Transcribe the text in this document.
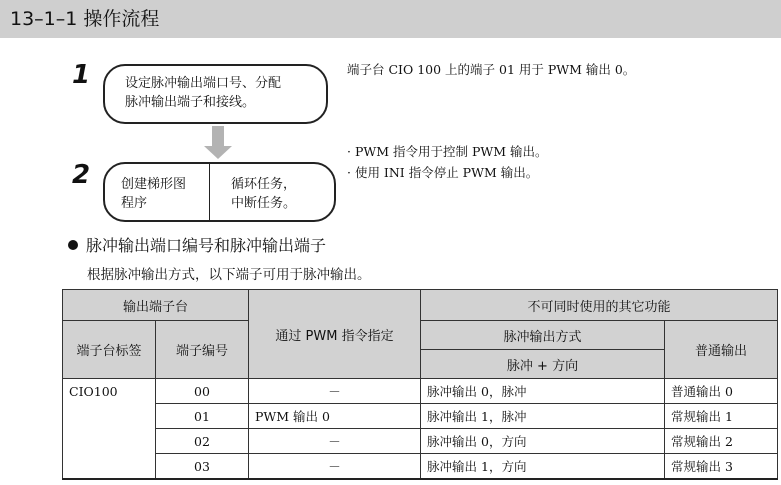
13–1–1 操作流程
1	设定脉冲输出端口号、分配
脉冲输出端子和接线。
端子台 CIO 100 上的端子 01 用于 PWM 输出 0。
2 创建梯形图
程序
循环任务，
中断任务。
· PWM 指令用于控制 PWM 输出。
· 使用 INI 指令停止 PWM 输出。
脉冲输出端口编号和脉冲输出端子
根据脉冲输出方式，以下端子可用于脉冲输出。
输出端子台		通过 PWM 指令指定	不可同时使用的其它功能	
端子台标签	端子编号		脉冲输出方式	普通输出
			脉冲 + 方向	
CIO100	00	－	脉冲输出 0，脉冲	普通输出 0
	01	PWM 输出 0	脉冲输出 1，脉冲	常规输出 1
	02	－	脉冲输出 0，方向	常规输出 2
	03	－	脉冲输出 1，方向	常规输出 3
